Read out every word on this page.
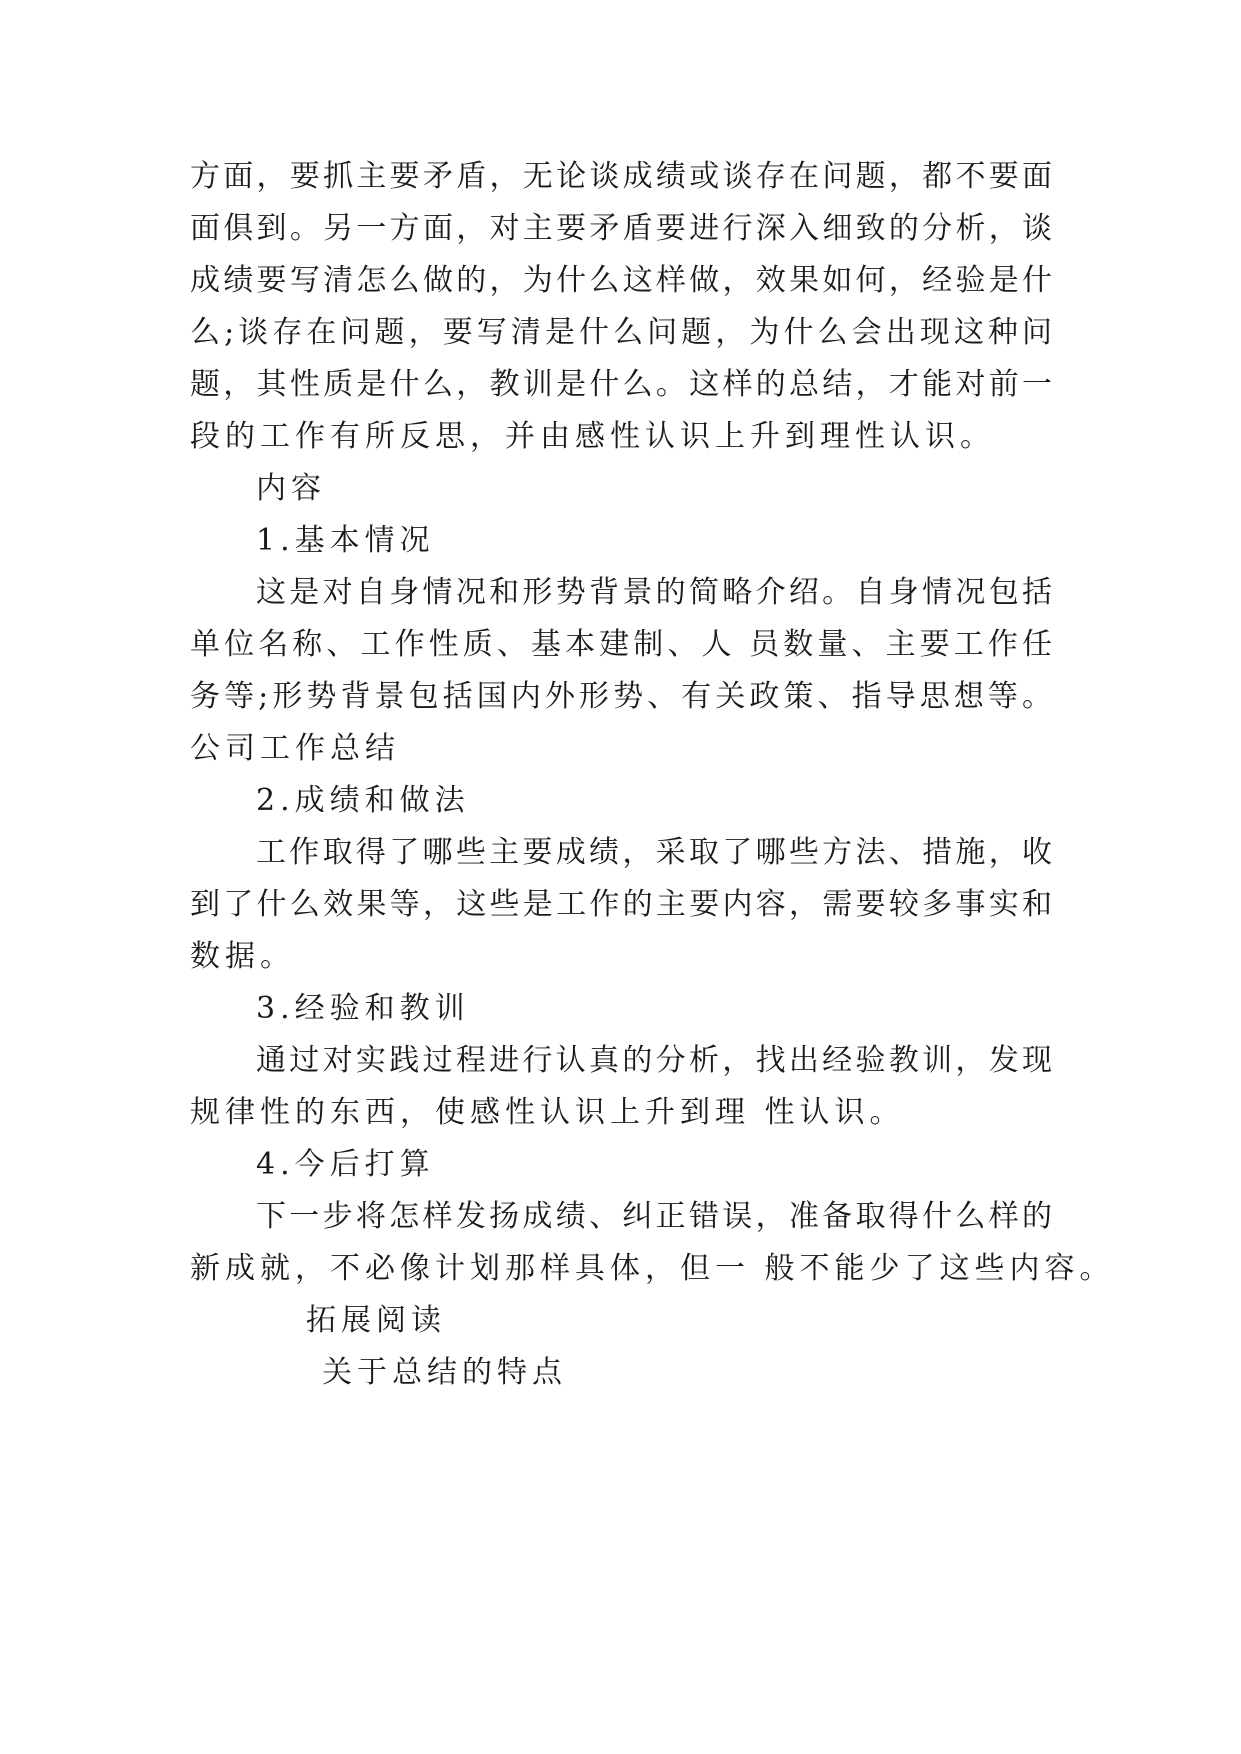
方面，要抓主要矛盾，无论谈成绩或谈存在问题，都不要面
面俱到。另一方面，对主要矛盾要进行深入细致的分析，谈
成绩要写清怎么做的，为什么这样做，效果如何，经验是什
么;谈存在问题，要写清是什么问题，为什么会出现这种问
题，其性质是什么，教训是什么。这样的总结，才能对前一
段的工作有所反思，并由感性认识上升到理性认识。
内容
1.基本情况
这是对自身情况和形势背景的简略介绍。自身情况包括
单位名称、工作性质、基本建制、人 员数量、主要工作任
务等;形势背景包括国内外形势、有关政策、指导思想等。
公司工作总结
2.成绩和做法
工作取得了哪些主要成绩，采取了哪些方法、措施，收
到了什么效果等，这些是工作的主要内容，需要较多事实和
数据。
3.经验和教训
通过对实践过程进行认真的分析，找出经验教训，发现
规律性的东西，使感性认识上升到理 性认识。
4.今后打算
下一步将怎样发扬成绩、纠正错误，准备取得什么样的
新成就，不必像计划那样具体，但一 般不能少了这些内容。
拓展阅读
关于总结的特点
